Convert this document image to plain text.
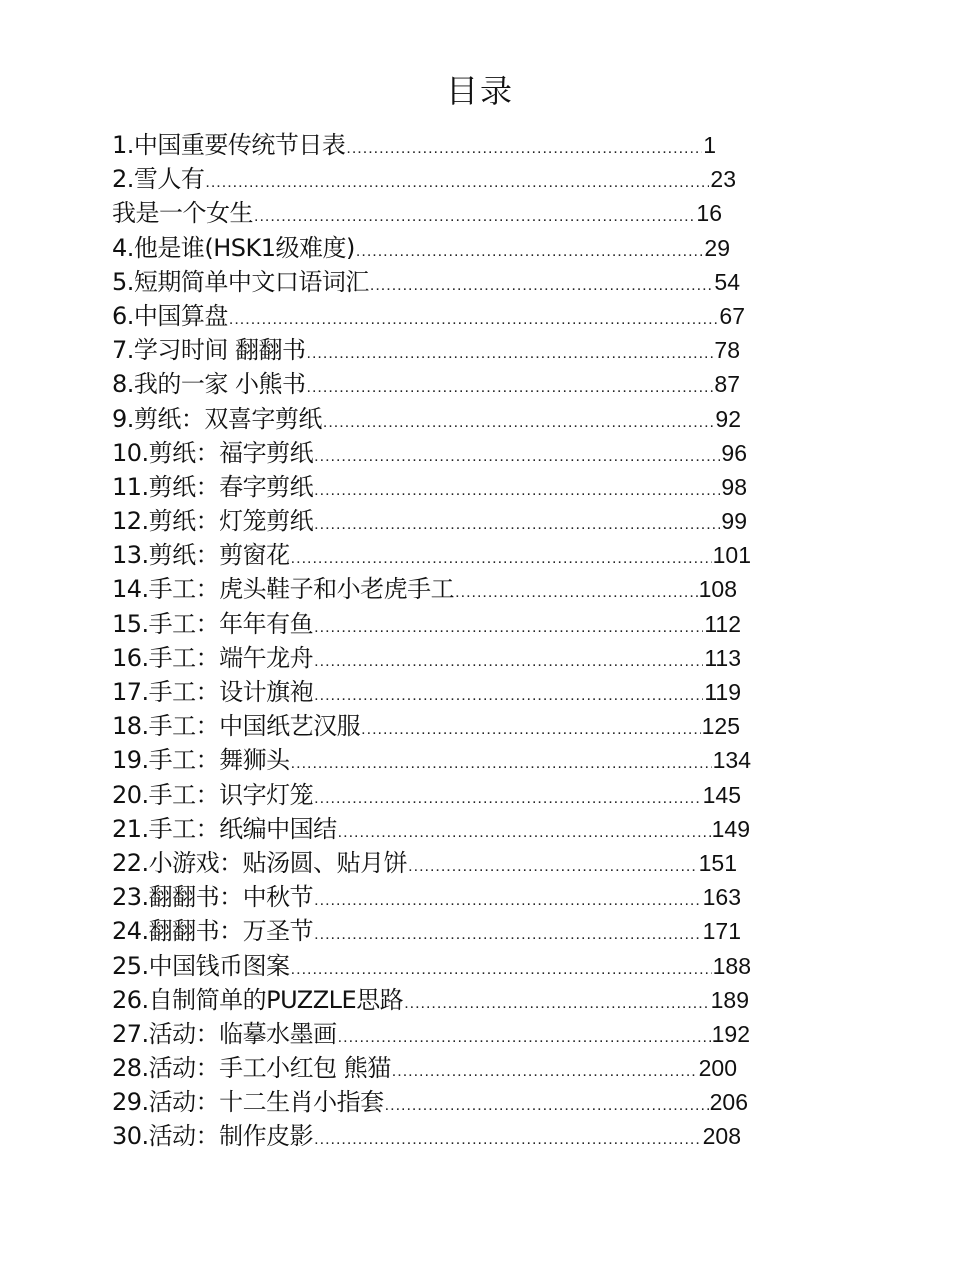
目录
1.中国重要传统节日表 .....	1
2.雪人有 .....	23
我是一个女生 .....	16
4.他是谁(HSK1级难度) .....	29
5.短期简单中文口语词汇 .....	54
6.中国算盘 .....	67
7.学习时间 翻翻书 .....	78
8.我的一家 小熊书 .....	87
9.剪纸：双喜字剪纸 .....	92
10.剪纸：福字剪纸 .....	96
11.剪纸：春字剪纸 .....	98
12.剪纸：灯笼剪纸 .....	99
13.剪纸：剪窗花 .....	101
14.手工：虎头鞋子和小老虎手工 .....	108
15.手工：年年有鱼 .....	112
16.手工：端午龙舟 .....	113
17.手工：设计旗袍 .....	119
18.手工：中国纸艺汉服 .....	125
19.手工：舞狮头 .....	134
20.手工：识字灯笼 .....	145
21.手工：纸编中国结 .....	149
22.小游戏：贴汤圆、贴月饼 .....	151
23.翻翻书：中秋节 .....	163
24.翻翻书：万圣节 .....	171
25.中国钱币图案 .....	188
26.自制简单的PUZZLE思路 .....	189
27.活动：临摹水墨画 .....	192
28.活动：手工小红包 熊猫 .....	200
29.活动：十二生肖小指套 .....	206
30.活动：制作皮影 .....	208
